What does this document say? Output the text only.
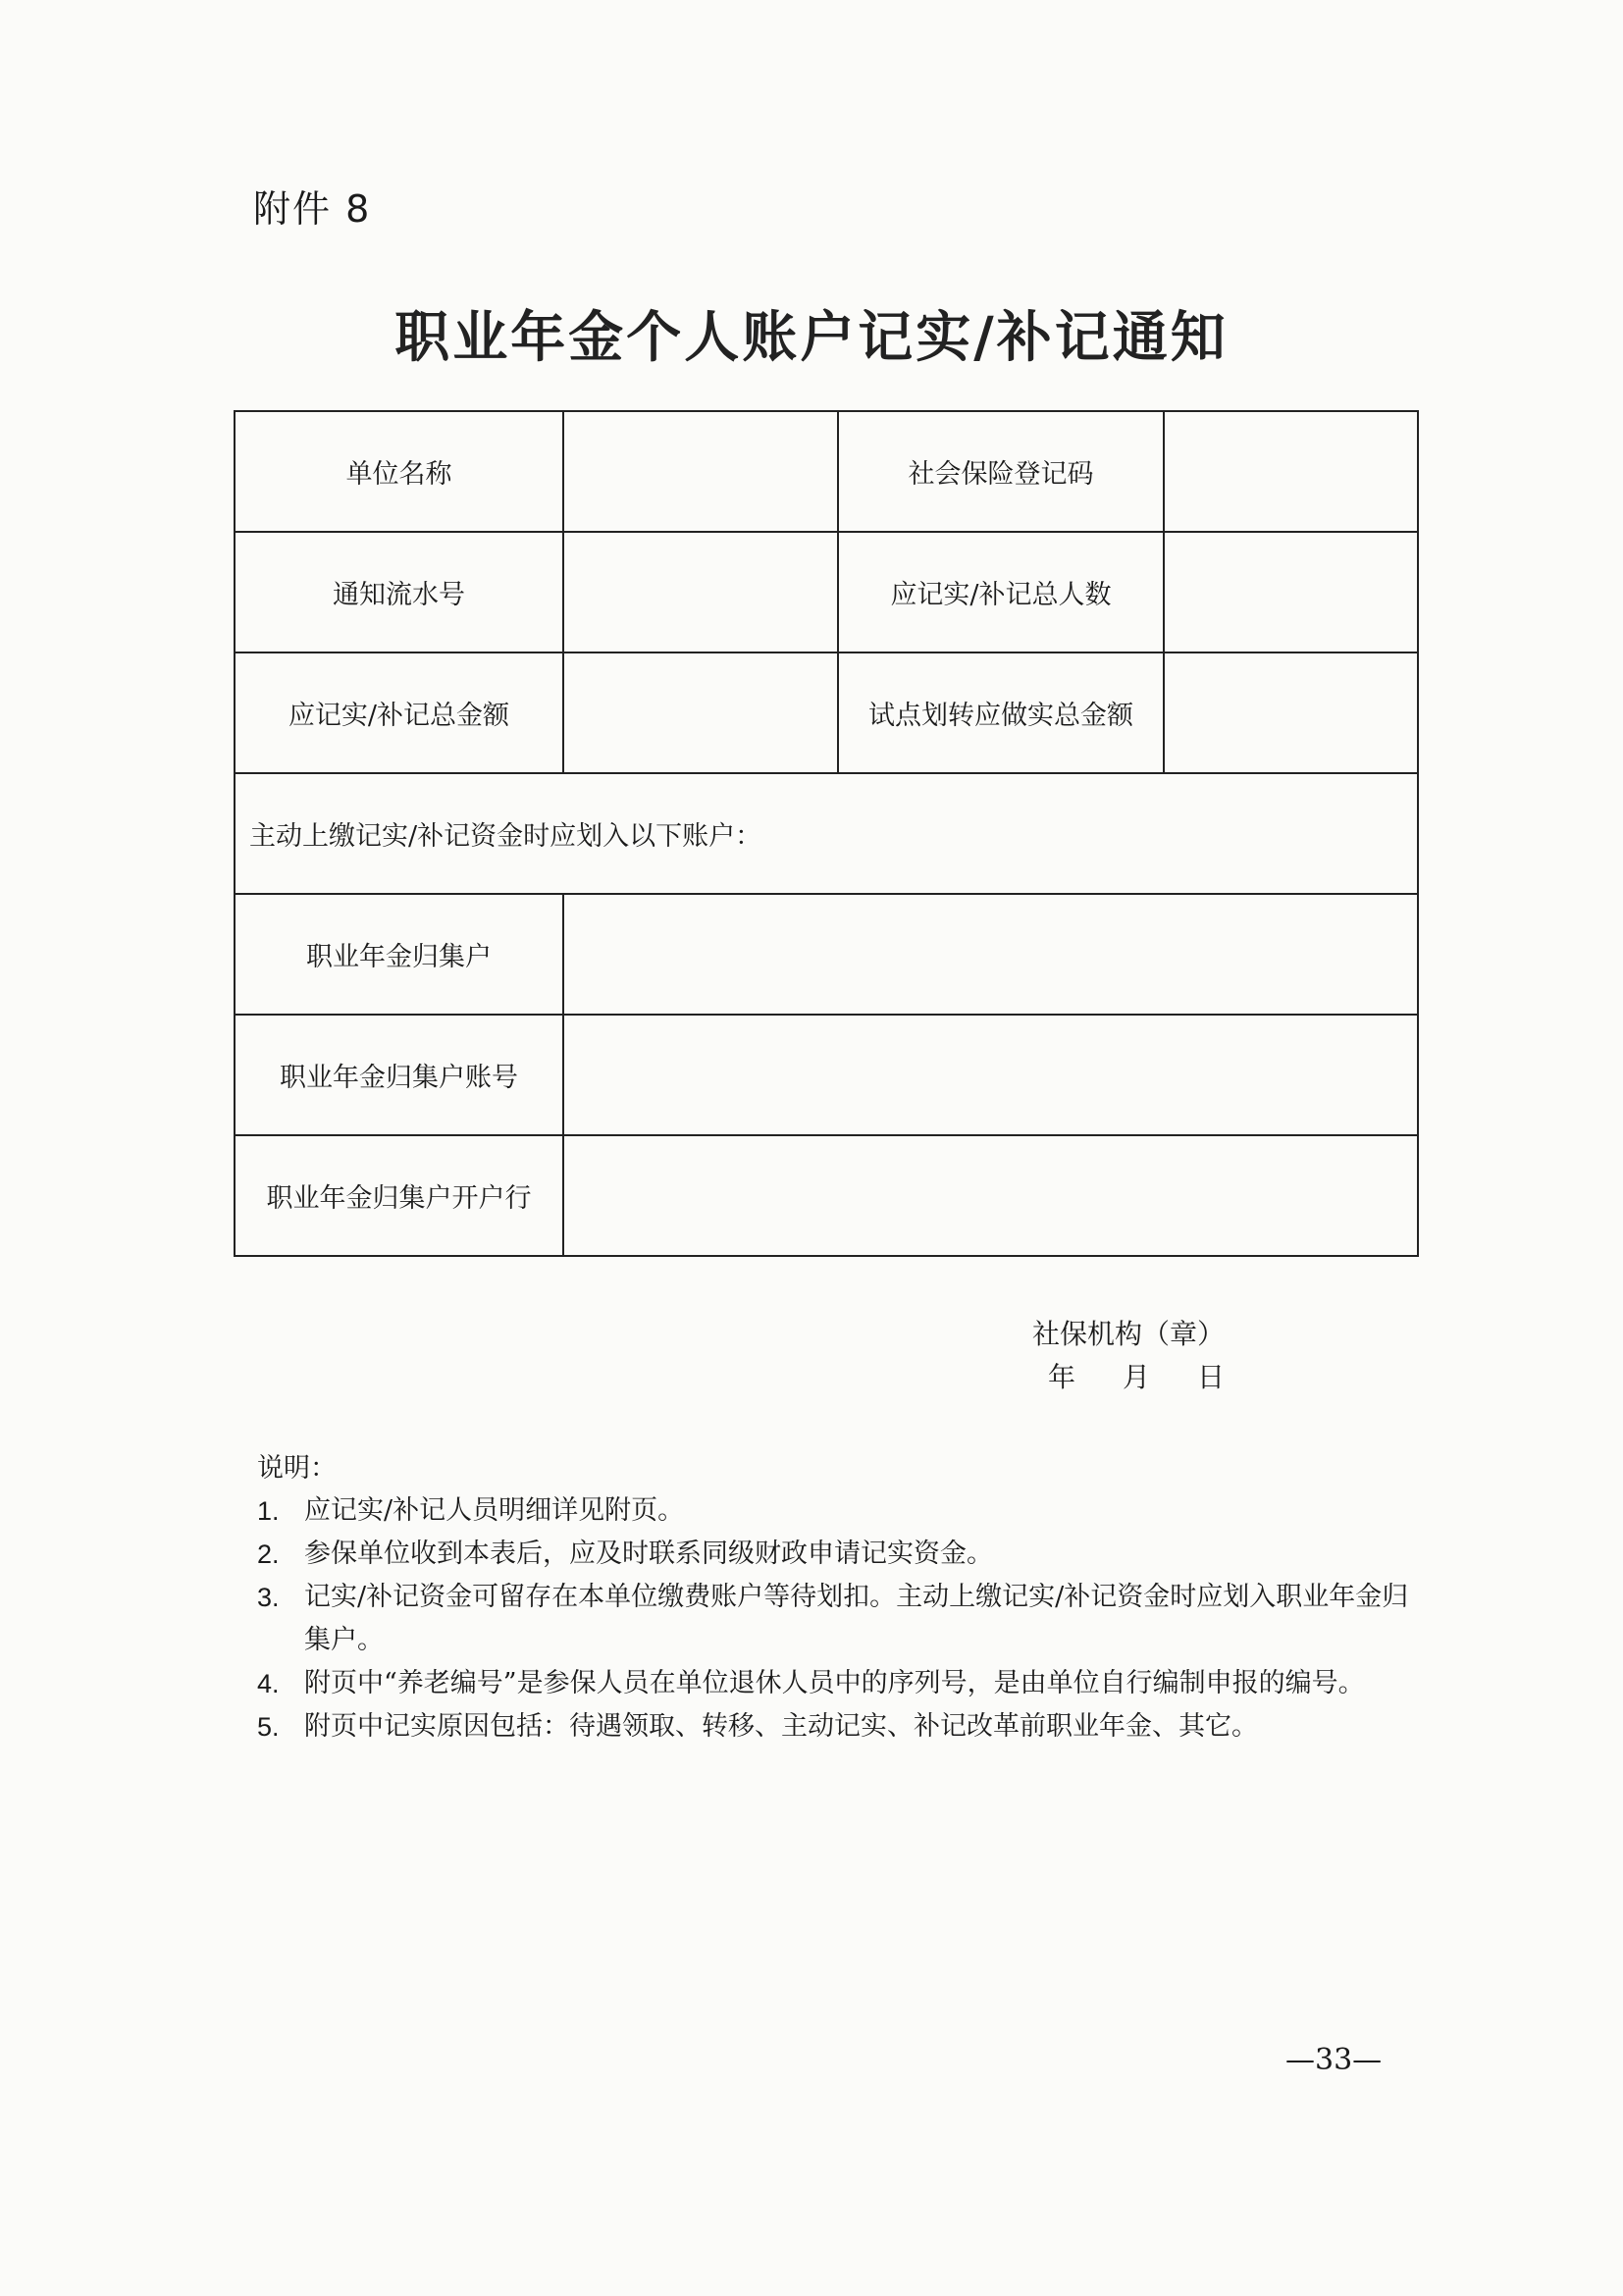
附件 8
职业年金个人账户记实/补记通知
单位名称		社会保险登记码	
通知流水号		应记实/补记总人数	
应记实/补记总金额		试点划转应做实总金额	
主动上缴记实/补记资金时应划入以下账户：			
职业年金归集户			
职业年金归集户账号			
职业年金归集户开户行			
社保机构（章）
年 月 日
说明：
1. 应记实/补记人员明细详见附页。
2. 参保单位收到本表后，应及时联系同级财政申请记实资金。
3. 记实/补记资金可留存在本单位缴费账户等待划扣。主动上缴记实/补记资金时应划入职业年金归集户。
4. 附页中“养老编号”是参保人员在单位退休人员中的序列号，是由单位自行编制申报的编号。
5. 附页中记实原因包括：待遇领取、转移、主动记实、补记改革前职业年金、其它。
—33—
